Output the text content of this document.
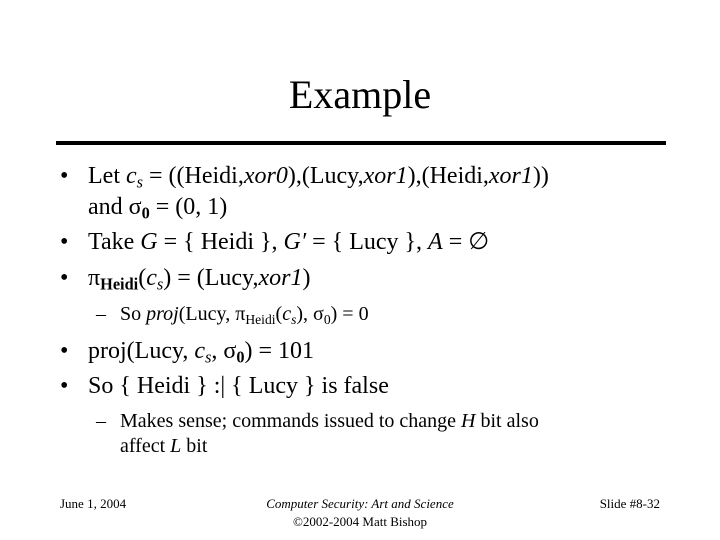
Example
• Let $c_s$ = ((Heidi,xor0),(Lucy,xor1),(Heidi,xor1))
and $\sigma_0 = (0$, 1)
• Take G = { Heidi }, G′ = { Lucy }, A = ∅
• $\pi_{Heidi}(c_s)$ = (Lucy,xor1)
– So proj(Lucy, $\pi_{Heidi}(c_s)$, $\sigma_0) = 0$
• proj(Lucy, $c_s$, $\sigma_0) = 101$
• So { Heidi } :| { Lucy } is false
– Makes sense; commands issued to change H bit also
affect L bit
June 1, 2004	Computer Security: Art and Science
©2002-2004 Matt Bishop
Slide #8-32
